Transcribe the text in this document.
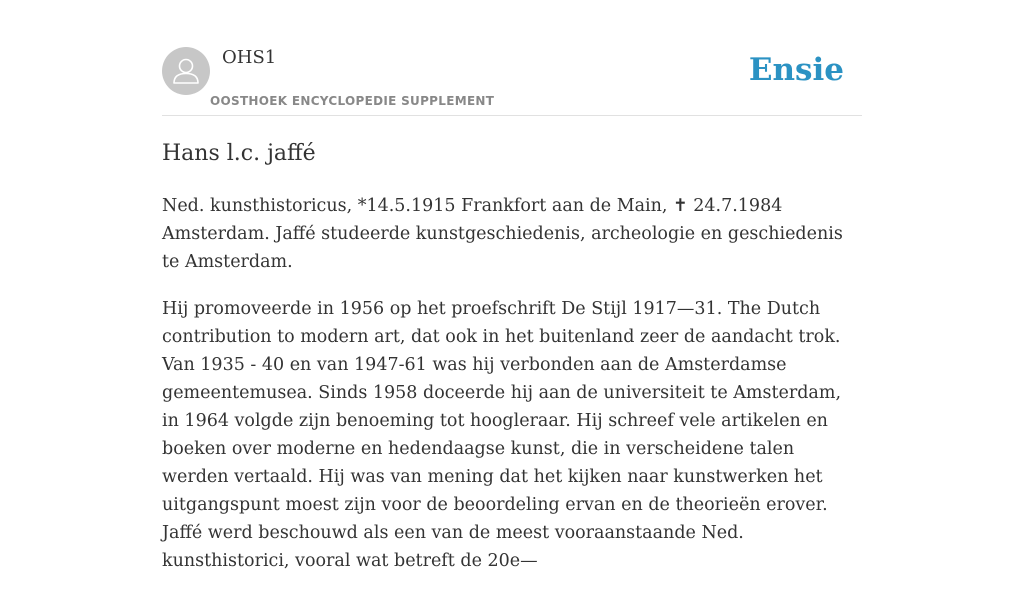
OHS1
OOSTHOEK ENCYCLOPEDIE SUPPLEMENT
Ensie
Hans l.c. jaffé

Ned. kunsthistoricus, *14.5.1915 Frankfort aan de Main, ✝ 24.7.1984 Amsterdam. Jaffé studeerde kunstgeschiedenis, archeologie en geschiedenis te Amsterdam.

Hij promoveerde in 1956 op het proefschrift De Stijl 1917—31. The Dutch contribution to modern art, dat ook in het buitenland zeer de aandacht trok. Van 1935 - 40 en van 1947-61 was hij verbonden aan de Amsterdamse gemeentemusea. Sinds 1958 doceerde hij aan de universiteit te Amsterdam, in 1964 volgde zijn benoeming tot hoogleraar. Hij schreef vele artikelen en boeken over moderne en hedendaagse kunst, die in verscheidene talen werden vertaald. Hij was van mening dat het kijken naar kunstwerken het uitgangspunt moest zijn voor de beoordeling ervan en de theorieën erover. Jaffé werd beschouwd als een van de meest vooraanstaande Ned. kunsthistorici, vooral wat betreft de 20e—
